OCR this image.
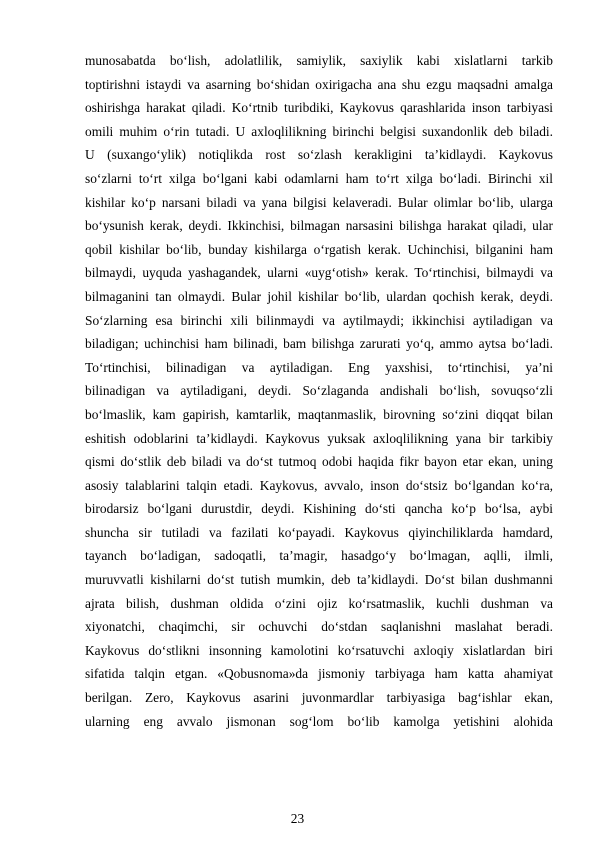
munosabatda bo‘lish, adolatlilik, samiylik, saxiylik kabi xislatlarni tarkib
toptirishni istaydi va asarning bo‘shidan oxirigacha ana shu ezgu maqsadni amalga
oshirishga harakat qiladi. Ko‘rtnib turibdiki, Kaykovus qarashlarida inson tarbiyasi
omili muhim o‘rin tutadi. U axloqlilikning birinchi belgisi suxandonlik deb biladi.
U (suxango‘ylik) notiqlikda rost so‘zlash kerakligini ta’kidlaydi. Kaykovus
so‘zlarni to‘rt xilga bo‘lgani kabi odamlarni ham to‘rt xilga bo‘ladi. Birinchi xil
kishilar ko‘p narsani biladi va yana bilgisi kelaveradi. Bular olimlar bo‘lib, ularga
bo‘ysunish kerak, deydi. Ikkinchisi, bilmagan narsasini bilishga harakat qiladi, ular
qobil kishilar bo‘lib, bunday kishilarga o‘rgatish kerak. Uchinchisi, bilganini ham
bilmaydi, uyquda yashagandek, ularni «uyg‘otish» kerak. To‘rtinchisi, bilmaydi va
bilmaganini tan olmaydi. Bular johil kishilar bo‘lib, ulardan qochish kerak, deydi.
So‘zlarning esa birinchi xili bilinmaydi va aytilmaydi; ikkinchisi aytiladigan va
biladigan; uchinchisi ham bilinadi, bam bilishga zarurati yo‘q, ammo aytsa bo‘ladi.
To‘rtinchisi, bilinadigan va aytiladigan. Eng yaxshisi, to‘rtinchisi, ya’ni
bilinadigan va aytiladigani, deydi. So‘zlaganda andishali bo‘lish, sovuqso‘zli
bo‘lmaslik, kam gapirish, kamtarlik, maqtanmaslik, birovning so‘zini diqqat bilan
eshitish odoblarini ta’kidlaydi. Kaykovus yuksak axloqlilikning yana bir tarkibiy
qismi do‘stlik deb biladi va do‘st tutmoq odobi haqida fikr bayon etar ekan, uning
asosiy talablarini talqin etadi. Kaykovus, avvalo, inson do‘stsiz bo‘lgandan ko‘ra,
birodarsiz bo‘lgani durustdir, deydi. Kishining do‘sti qancha ko‘p bo‘lsa, aybi
shuncha sir tutiladi va fazilati ko‘payadi. Kaykovus qiyinchiliklarda hamdard,
tayanch bo‘ladigan, sadoqatli, ta’magir, hasadgo‘y bo‘lmagan, aqlli, ilmli,
muruvvatli kishilarni do‘st tutish mumkin, deb ta’kidlaydi. Do‘st bilan dushmanni
ajrata bilish, dushman oldida o‘zini ojiz ko‘rsatmaslik, kuchli dushman va
xiyonatchi, chaqimchi, sir ochuvchi do‘stdan saqlanishni maslahat beradi.
Kaykovus do‘stlikni insonning kamolotini ko‘rsatuvchi axloqiy xislatlardan biri
sifatida talqin etgan. «Qobusnoma»da jismoniy tarbiyaga ham katta ahamiyat
berilgan. Zero, Kaykovus asarini juvonmardlar tarbiyasiga bag‘ishlar ekan,
ularning eng avvalo jismonan sog‘lom bo‘lib kamolga yetishini alohida
23
